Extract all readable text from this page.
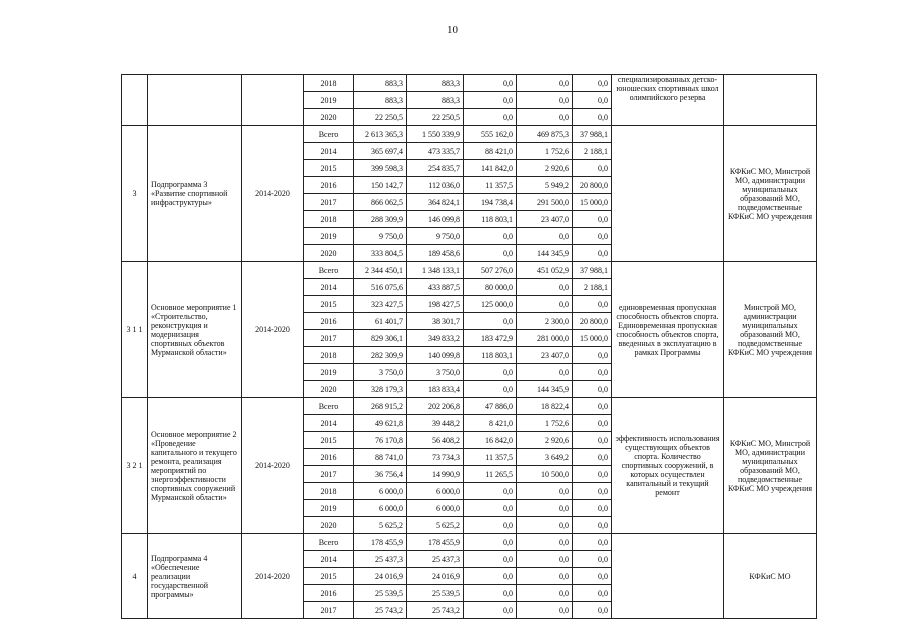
10
			2018	883,3	883,3	0,0	0,0	0,0	специализированных детско-юношеских спортивных школ олимпийского резерва	
			2019	883,3	883,3	0,0	0,0	0,0		
			2020	22 250,5	22 250,5	0,0	0,0	0,0		
3	Подпрограмма 3 «Развитие спортивной инфраструктуры»	2014-2020	Всего	2 613 365,3	1 550 339,9	555 162,0	469 875,3	37 988,1		КФКиС МО, Минстрой МО, администрации муниципальных образований МО, подведомственные КФКиС МО учреждения
			2014	365 697,4	473 335,7	88 421,0	1 752,6	2 188,1		
			2015	399 598,3	254 835,7	141 842,0	2 920,6	0,0		
			2016	150 142,7	112 036,0	11 357,5	5 949,2	20 800,0		
			2017	866 062,5	364 824,1	194 738,4	291 500,0	15 000,0		
			2018	288 309,9	146 099,8	118 803,1	23 407,0	0,0		
			2019	9 750,0	9 750,0	0,0	0,0	0,0		
			2020	333 804,5	189 458,6	0,0	144 345,9	0,0		
3 1 1	Основное мероприятие 1 «Строительство, реконструкция и модернизация спортивных объектов Мурманской области»	2014-2020	Всего	2 344 450,1	1 348 133,1	507 276,0	451 052,9	37 988,1	единовременная пропускная способность объектов спорта. Единовременная пропускная способность объектов спорта, введенных в эксплуатацию в рамках Программы	Минстрой МО, администрации муниципальных образований МО, подведомственные КФКиС МО учреждения
			2014	516 075,6	433 887,5	80 000,0	0,0	2 188,1		
			2015	323 427,5	198 427,5	125 000,0	0,0	0,0		
			2016	61 401,7	38 301,7	0,0	2 300,0	20 800,0		
			2017	829 306,1	349 833,2	183 472,9	281 000,0	15 000,0		
			2018	282 309,9	140 099,8	118 803,1	23 407,0	0,0		
			2019	3 750,0	3 750,0	0,0	0,0	0,0		
			2020	328 179,3	183 833,4	0,0	144 345,9	0,0		
3 2 1	Основное мероприятие 2 «Проведение капитального и текущего ремонта, реализация мероприятий по энергоэффективности спортивных сооружений Мурманской области»	2014-2020	Всего	268 915,2	202 206,8	47 886,0	18 822,4	0,0	эффективность использования существующих объектов спорта. Количество спортивных сооружений, в которых осуществлен капитальный и текущий ремонт	КФКиС МО, Минстрой МО, администрации муниципальных образований МО, подведомственные КФКиС МО учреждения
			2014	49 621,8	39 448,2	8 421,0	1 752,6	0,0		
			2015	76 170,8	56 408,2	16 842,0	2 920,6	0,0		
			2016	88 741,0	73 734,3	11 357,5	3 649,2	0,0		
			2017	36 756,4	14 990,9	11 265,5	10 500,0	0,0		
			2018	6 000,0	6 000,0	0,0	0,0	0,0		
			2019	6 000,0	6 000,0	0,0	0,0	0,0		
			2020	5 625,2	5 625,2	0,0	0,0	0,0		
4	Подпрограмма 4 «Обеспечение реализации государственной программы»	2014-2020	Всего	178 455,9	178 455,9	0,0	0,0	0,0		КФКиС МО
			2014	25 437,3	25 437,3	0,0	0,0	0,0		
			2015	24 016,9	24 016,9	0,0	0,0	0,0		
			2016	25 539,5	25 539,5	0,0	0,0	0,0		
			2017	25 743,2	25 743,2	0,0	0,0	0,0		
